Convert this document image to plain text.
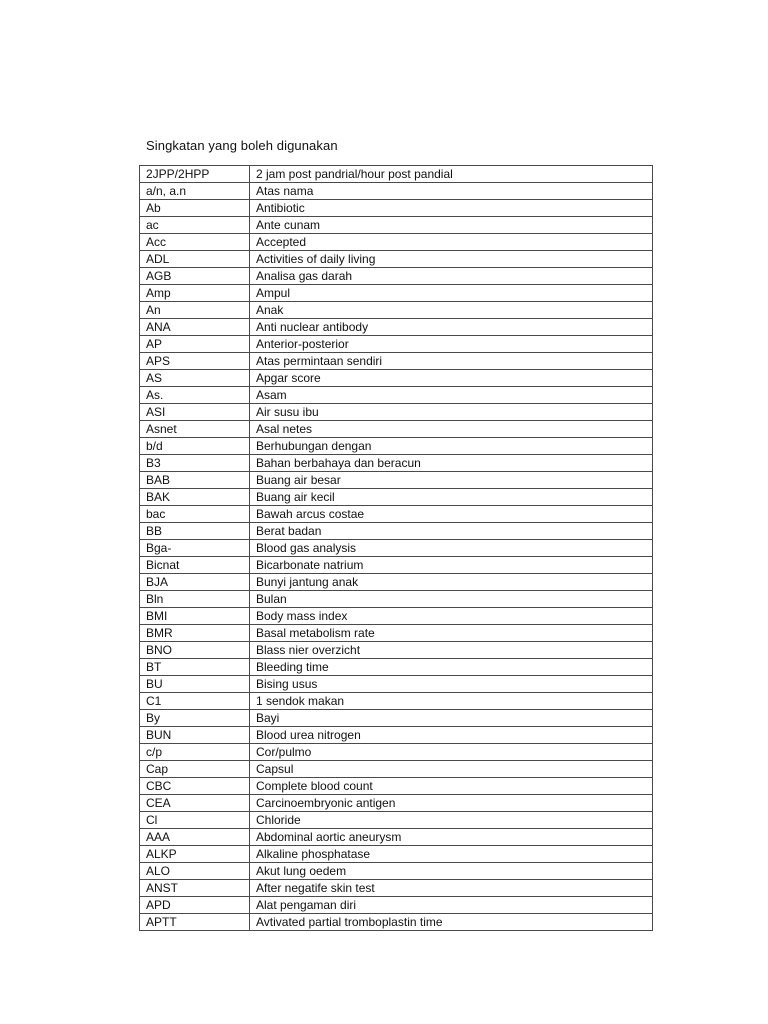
Singkatan yang boleh digunakan
2JPP/2HPP	2 jam post pandrial/hour post pandial
a/n, a.n	Atas nama
Ab	Antibiotic
ac	Ante cunam
Acc	Accepted
ADL	Activities of daily living
AGB	Analisa gas darah
Amp	Ampul
An	Anak
ANA	Anti nuclear antibody
AP	Anterior-posterior
APS	Atas permintaan sendiri
AS	Apgar score
As.	Asam
ASI	Air susu ibu
Asnet	Asal netes
b/d	Berhubungan dengan
B3	Bahan berbahaya dan beracun
BAB	Buang air besar
BAK	Buang air kecil
bac	Bawah arcus costae
BB	Berat badan
Bga-	Blood gas analysis
Bicnat	Bicarbonate natrium
BJA	Bunyi jantung anak
Bln	Bulan
BMI	Body mass index
BMR	Basal metabolism rate
BNO	Blass nier overzicht
BT	Bleeding time
BU	Bising usus
C1	1 sendok makan
By	Bayi
BUN	Blood urea nitrogen
c/p	Cor/pulmo
Cap	Capsul
CBC	Complete blood count
CEA	Carcinoembryonic antigen
Cl	Chloride
AAA	Abdominal aortic aneurysm
ALKP	Alkaline phosphatase
ALO	Akut lung oedem
ANST	After negatife skin test
APD	Alat pengaman diri
APTT	Avtivated partial tromboplastin time
